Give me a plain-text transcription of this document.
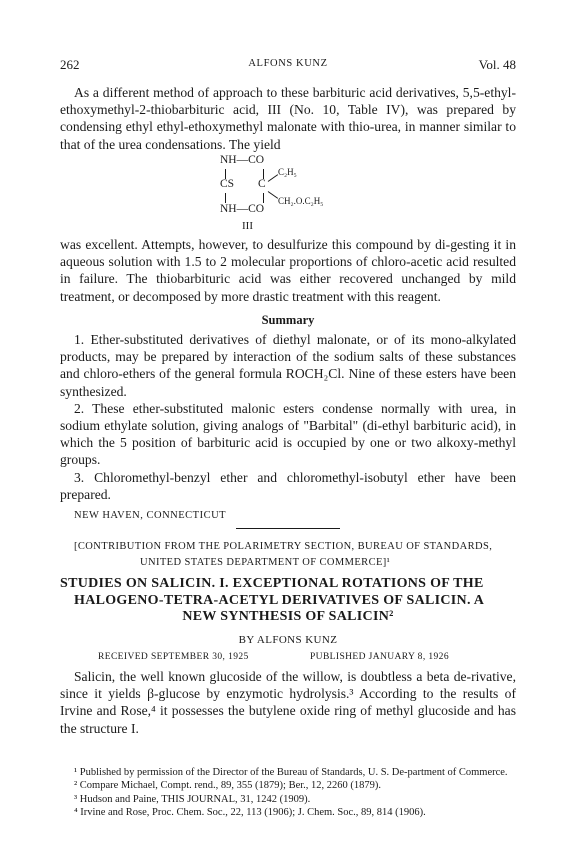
262	ALFONS KUNZ	Vol. 48

As a different method of approach to these barbituric acid derivatives, 5,5-ethyl-ethoxymethyl-2-thiobarbituric acid, III (No. 10, Table IV), was prepared by condensing ethyl ethyl-ethoxymethyl malonate with thio-urea, in manner similar to that of the urea condensations. The yield

NH—CO
C₂H₅
CS C
CH₂.O.C₂H₅
NH—CO
III

was excellent. Attempts, however, to desulfurize this compound by di-gesting it in aqueous solution with 1.5 to 2 molecular proportions of chloro-acetic acid resulted in failure. The thiobarbituric acid was either recovered unchanged by mild treatment, or decomposed by more drastic treatment with this reagent.

Summary

1. Ether-substituted derivatives of diethyl malonate, or of its mono-alkylated products, may be prepared by interaction of the sodium salts of these substances and chloro-ethers of the general formula ROCH₂Cl. Nine of these esters have been synthesized.

2. These ether-substituted malonic esters condense normally with urea, in sodium ethylate solution, giving analogs of "Barbital" (di-ethyl barbituric acid), in which the 5 position of barbituric acid is occupied by one or two alkoxy-methyl groups.

3. Chloromethyl-benzyl ether and chloromethyl-isobutyl ether have been prepared.

NEW HAVEN, CONNECTICUT
[CONTRIBUTION FROM THE POLARIMETRY SECTION, BUREAU OF STANDARDS,
UNITED STATES DEPARTMENT OF COMMERCE]¹
STUDIES ON SALICIN. I. EXCEPTIONAL ROTATIONS OF THE
HALOGENO-TETRA-ACETYL DERIVATIVES OF SALICIN. A
NEW SYNTHESIS OF SALICIN²
BY ALFONS KUNZ
RECEIVED SEPTEMBER 30, 1925	PUBLISHED JANUARY 8, 1926

Salicin, the well known glucoside of the willow, is doubtless a beta de-rivative, since it yields β-glucose by enzymotic hydrolysis.³ According to the results of Irvine and Rose,⁴ it possesses the butylene oxide ring of methyl glucoside and has the structure I.

¹ Published by permission of the Director of the Bureau of Standards, U. S. De-partment of Commerce.

² Compare Michael, Compt. rend., 89, 355 (1879); Ber., 12, 2260 (1879).

³ Hudson and Paine, THIS JOURNAL, 31, 1242 (1909).

⁴ Irvine and Rose, Proc. Chem. Soc., 22, 113 (1906); J. Chem. Soc., 89, 814 (1906).
